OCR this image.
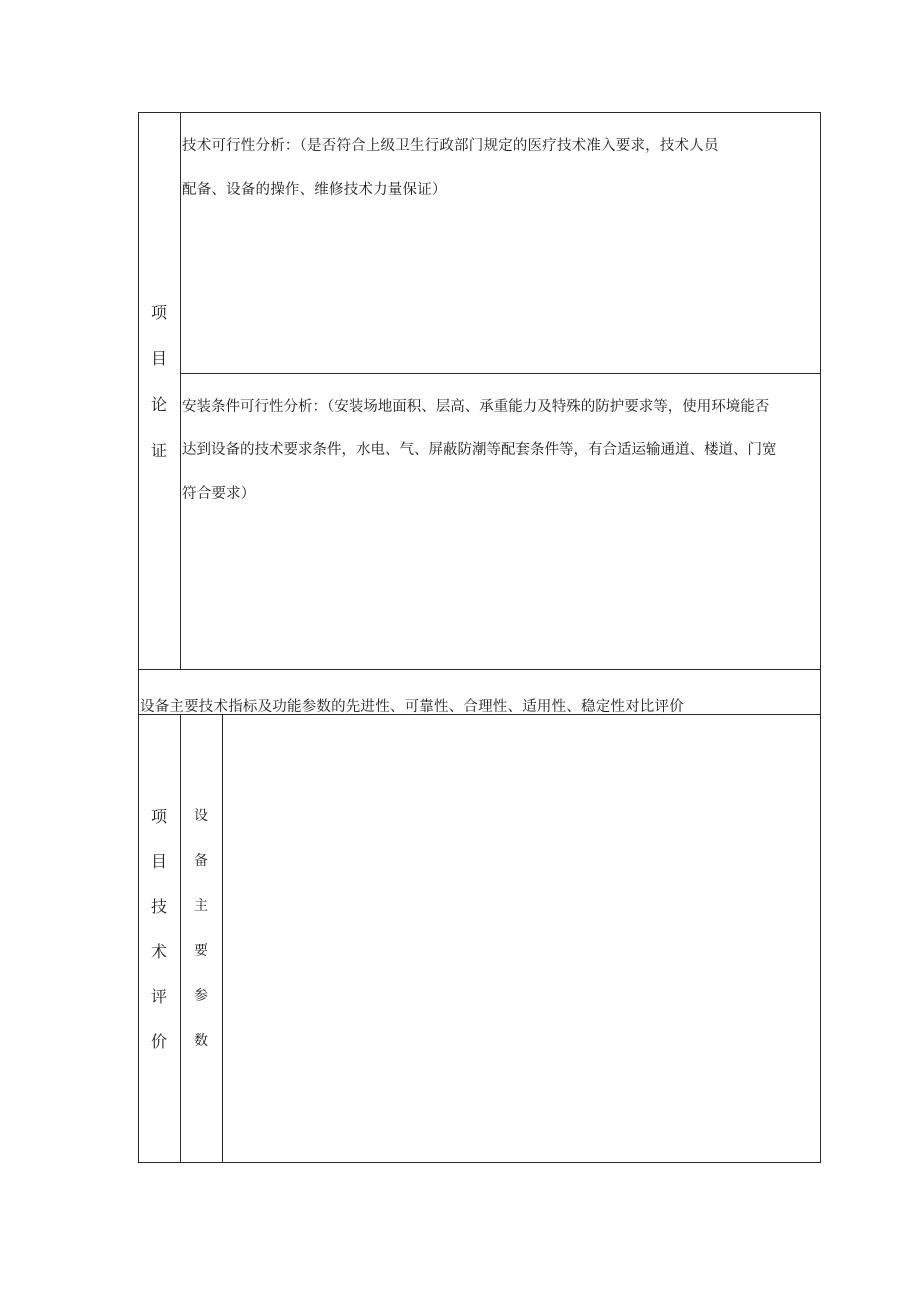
项
目
论
证
技术可行性分析：（是否符合上级卫生行政部门规定的医疗技术准入要求，技术人员
配备、设备的操作、维修技术力量保证）
安装条件可行性分析：（安装场地面积、层高、承重能力及特殊的防护要求等，使用环境能否
达到设备的技术要求条件，水电、气、屏蔽防潮等配套条件等，有合适运输通道、楼道、门宽
符合要求）
设备主要技术指标及功能参数的先进性、可靠性、合理性、适用性、稳定性对比评价
项
目
技
术
评
价
设
备
主
要
参
数
